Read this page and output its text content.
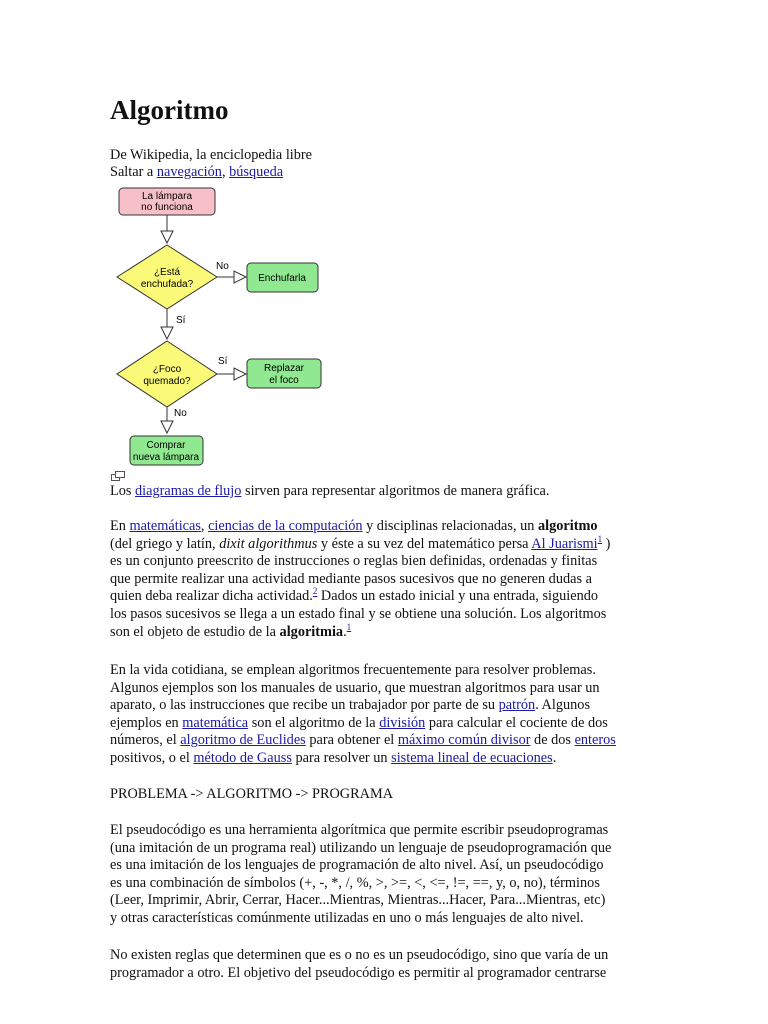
Algoritmo
De Wikipedia, la enciclopedia libre
Saltar a navegación, búsqueda
La lámpara
no funciona
¿Está
enchufada?
No
Enchufarla
Sí
¿Foco
quemado?
Sí
Replazar
el foco
No
Comprar
nueva lámpara
Los diagramas de flujo sirven para representar algoritmos de manera gráfica.
En matemáticas, ciencias de la computación y disciplinas relacionadas, un algoritmo
(del griego y latín, dixit algorithmus y éste a su vez del matemático persa Al Juarismi$^1$ )
es un conjunto preescrito de instrucciones o reglas bien definidas, ordenadas y finitas
que permite realizar una actividad mediante pasos sucesivos que no generen dudas a
quien deba realizar dicha actividad.$^2$ Dados un estado inicial y una entrada, siguiendo
los pasos sucesivos se llega a un estado final y se obtiene una solución. Los algoritmos
son el objeto de estudio de la algoritmia.$^1$
En la vida cotidiana, se emplean algoritmos frecuentemente para resolver problemas.
Algunos ejemplos son los manuales de usuario, que muestran algoritmos para usar un
aparato, o las instrucciones que recibe un trabajador por parte de su patrón. Algunos
ejemplos en matemática son el algoritmo de la división para calcular el cociente de dos
números, el algoritmo de Euclides para obtener el máximo común divisor de dos enteros
positivos, o el método de Gauss para resolver un sistema lineal de ecuaciones.
PROBLEMA -> ALGORITMO -> PROGRAMA
El pseudocódigo es una herramienta algorítmica que permite escribir pseudoprogramas
(una imitación de un programa real) utilizando un lenguaje de pseudoprogramación que
es una imitación de los lenguajes de programación de alto nivel. Así, un pseudocódigo
es una combinación de símbolos (+, -, *, /, %, >, >=, <, <=, !=, ==, y, o, no), términos
(Leer, Imprimir, Abrir, Cerrar, Hacer...Mientras, Mientras...Hacer, Para...Mientras, etc)
y otras características comúnmente utilizadas en uno o más lenguajes de alto nivel.
No existen reglas que determinen que es o no es un pseudocódigo, sino que varía de un
programador a otro. El objetivo del pseudocódigo es permitir al programador centrarse
